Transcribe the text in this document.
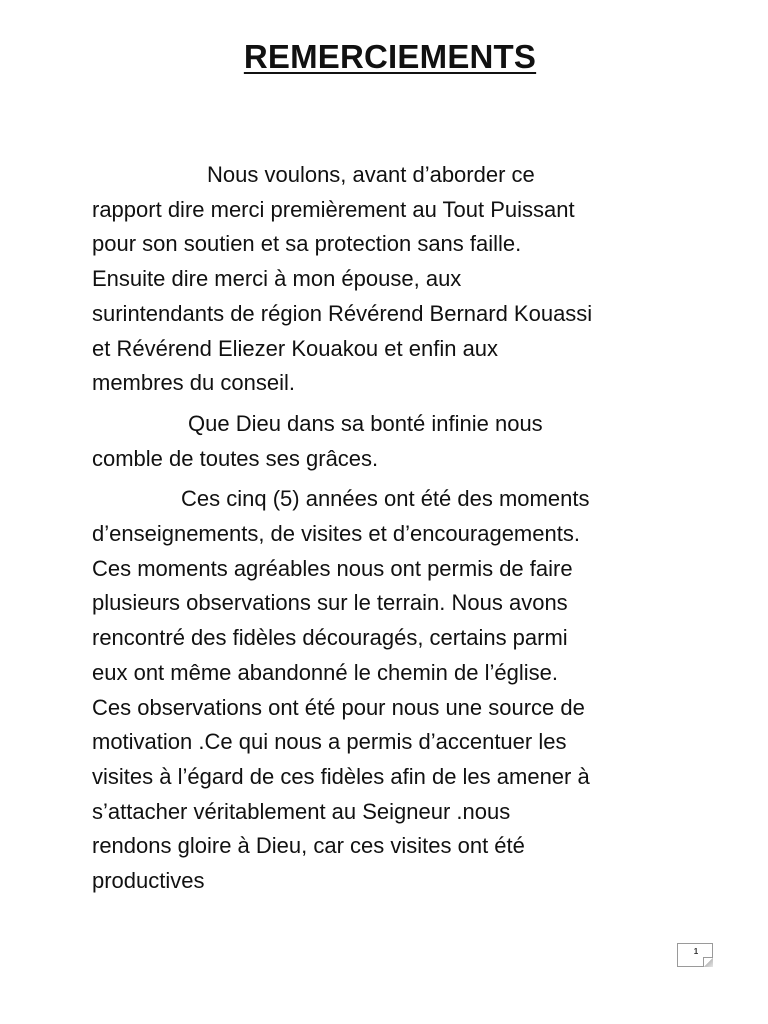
REMERCIEMENTS

Nous voulons, avant d’aborder ce
rapport dire merci premièrement au Tout Puissant
pour son soutien et sa protection sans faille.
Ensuite dire merci à mon épouse, aux
surintendants de région Révérend Bernard Kouassi
et Révérend Eliezer Kouakou et enfin aux
membres du conseil.

Que Dieu dans sa bonté infinie nous
comble de toutes ses grâces.

Ces cinq (5) années ont été des moments
d’enseignements, de visites et d’encouragements.
Ces moments agréables nous ont permis de faire
plusieurs observations sur le terrain. Nous avons
rencontré des fidèles découragés, certains parmi
eux ont même abandonné le chemin de l’église.
Ces observations ont été pour nous une source de
motivation .Ce qui nous a permis d’accentuer les
visites à l’égard de ces fidèles afin de les amener à
s’attacher véritablement au Seigneur .nous
rendons gloire à Dieu, car ces visites ont été
productives

1
